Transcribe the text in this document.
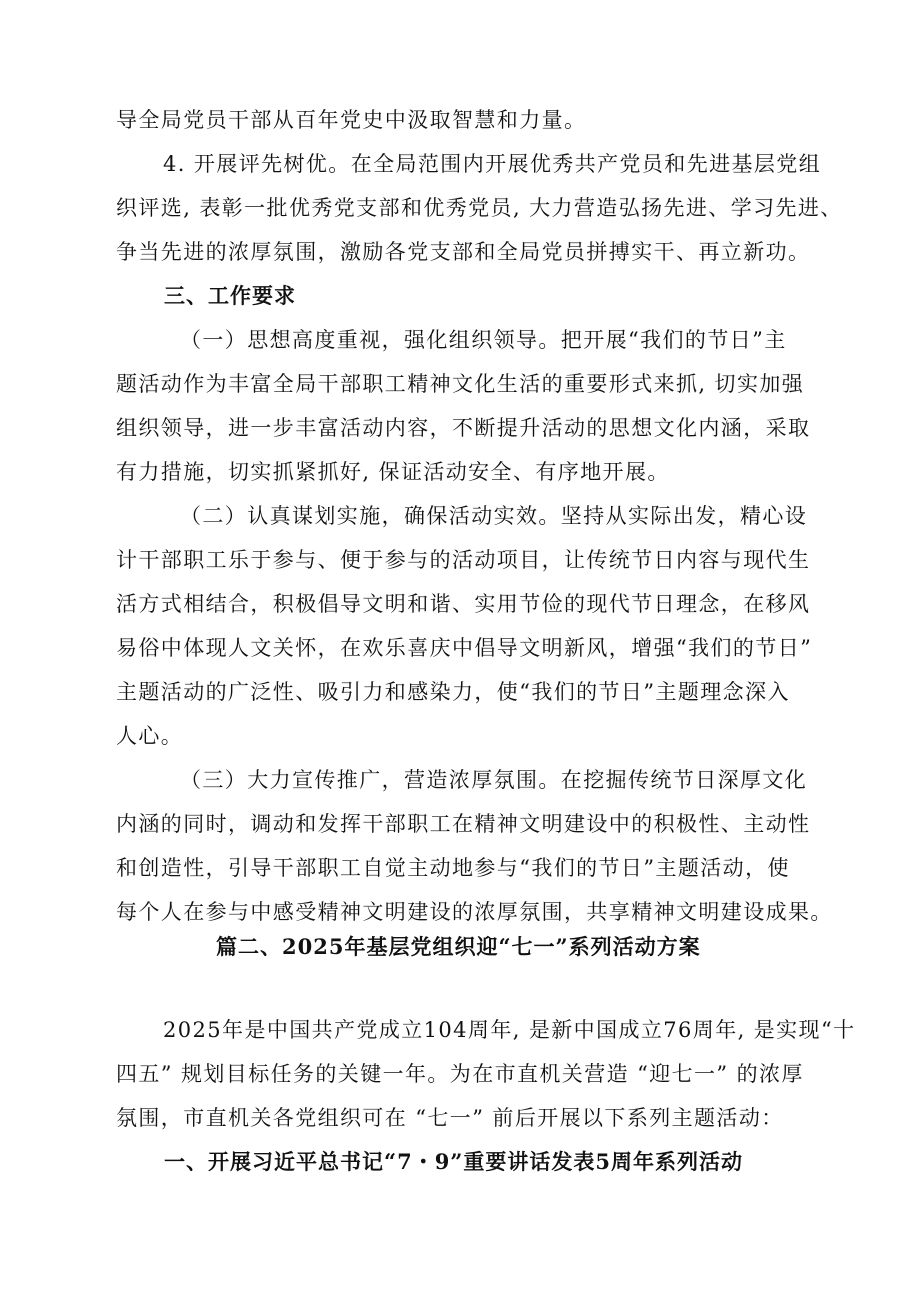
导全局党员干部从百年党史中汲取智慧和力量。
4. 开展评先树优。在全局范围内开展优秀共产党员和先进基层党组
织评选, 表彰一批优秀党支部和优秀党员, 大力营造弘扬先进、学习先进、
争当先进的浓厚氛围，激励各党支部和全局党员拼搏实干、再立新功。
三、工作要求
（一）思想高度重视，强化组织领导。把开展“我们的节日”主
题活动作为丰富全局干部职工精神文化生活的重要形式来抓, 切实加强
组织领导，进一步丰富活动内容，不断提升活动的思想文化内涵，采取
有力措施，切实抓紧抓好, 保证活动安全、有序地开展。
（二）认真谋划实施，确保活动实效。坚持从实际出发，精心设
计干部职工乐于参与、便于参与的活动项目，让传统节日内容与现代生
活方式相结合，积极倡导文明和谐、实用节俭的现代节日理念，在移风
易俗中体现人文关怀，在欢乐喜庆中倡导文明新风，增强“我们的节日”
主题活动的广泛性、吸引力和感染力，使“我们的节日”主题理念深入
人心。
（三）大力宣传推广，营造浓厚氛围。在挖掘传统节日深厚文化
内涵的同时，调动和发挥干部职工在精神文明建设中的积极性、主动性
和创造性，引导干部职工自觉主动地参与“我们的节日”主题活动，使
每个人在参与中感受精神文明建设的浓厚氛围，共享精神文明建设成果。
篇二、2025年基层党组织迎“七一”系列活动方案
2025年是中国共产党成立104周年, 是新中国成立76周年, 是实现“十
四五” 规划目标任务的关键一年。为在市直机关营造 “迎七一” 的浓厚
氛围，市直机关各党组织可在 “七一” 前后开展以下系列主题活动：
一、开展习近平总书记“7・9”重要讲话发表5周年系列活动
